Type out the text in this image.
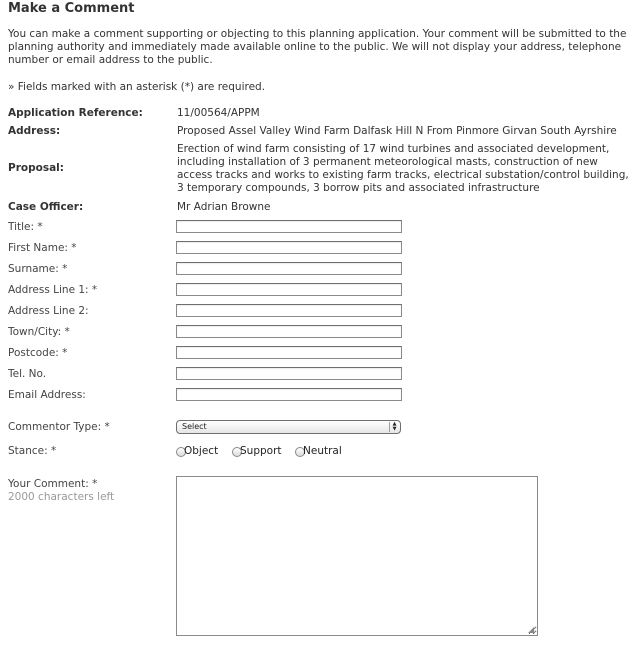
Make a Comment
You can make a comment supporting or objecting to this planning application. Your comment will be submitted to the planning authority and immediately made available online to the public. We will not display your address, telephone number or email address to the public.
» Fields marked with an asterisk (*) are required.
Application Reference:	11/00564/APPM
Address:	Proposed Assel Valley Wind Farm Dalfask Hill N From Pinmore Girvan South Ayrshire
Proposal:
Erection of wind farm consisting of 17 wind turbines and associated development, including installation of 3 permanent meteorological masts, construction of new access tracks and works to existing farm tracks, electrical substation/control building, 3 temporary compounds, 3 borrow pits and associated infrastructure
Case Officer:	Mr Adrian Browne
Title: *
First Name: *
Surname: *
Address Line 1: *
Address Line 2:
Town/City: *
Postcode: *
Tel. No.
Email Address:
Commentor Type: *	Select	▲
▼
Stance: *	Object Support Neutral
Your Comment: *
2000 characters left
◢
